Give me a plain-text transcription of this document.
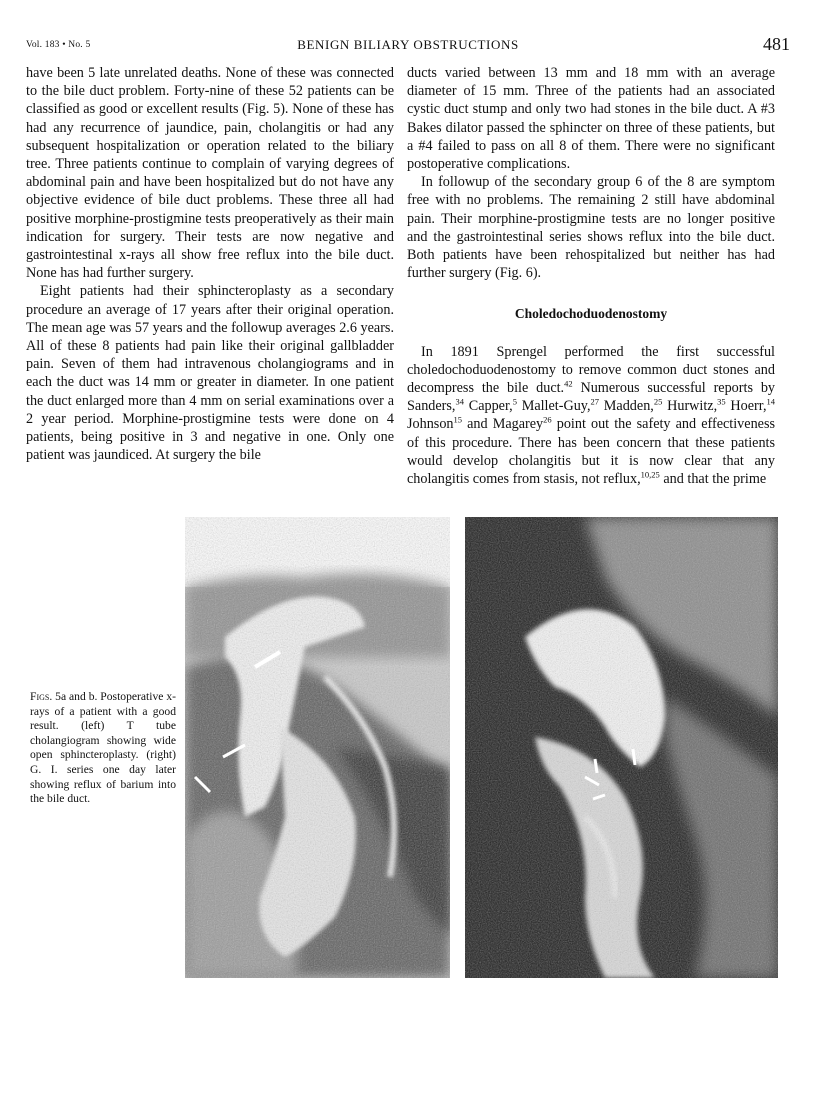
Vol. 183 • No. 5	BENIGN BILIARY OBSTRUCTIONS	481

have been 5 late unrelated deaths. None of these was connected to the bile duct problem. Forty-nine of these 52 patients can be classified as good or excellent results (Fig. 5). None of these has had any recurrence of jaundice, pain, cholangitis or had any subsequent hospitalization or operation related to the biliary tree. Three patients continue to complain of varying degrees of abdominal pain and have been hospitalized but do not have any objective evidence of bile duct problems. These three all had positive morphine-prostigmine tests preoperatively as their main indication for surgery. Their tests are now negative and gastrointestinal x-rays all show free reflux into the bile duct. None has had further surgery.

Eight patients had their sphincteroplasty as a secondary procedure an average of 17 years after their original operation. The mean age was 57 years and the followup averages 2.6 years. All of these 8 patients had pain like their original gallbladder pain. Seven of them had intravenous cholangiograms and in each the duct was 14 mm or greater in diameter. In one patient the duct enlarged more than 4 mm on serial examinations over a 2 year period. Morphine-prostigmine tests were done on 4 patients, being positive in 3 and negative in one. Only one patient was jaundiced. At surgery the bile

ducts varied between 13 mm and 18 mm with an average diameter of 15 mm. Three of the patients had an associated cystic duct stump and only two had stones in the bile duct. A #3 Bakes dilator passed the sphincter on three of these patients, but a #4 failed to pass on all 8 of them. There were no significant postoperative complications.

In followup of the secondary group 6 of the 8 are symptom free with no problems. The remaining 2 still have abdominal pain. Their morphine-prostigmine tests are no longer positive and the gastrointestinal series shows reflux into the bile duct. Both patients have been rehospitalized but neither has had further surgery (Fig. 6).

Choledochoduodenostomy

In 1891 Sprengel performed the first successful choledochoduodenostomy to remove common duct stones and decompress the bile duct.$^{42}$ Numerous successful reports by Sanders,$^{34}$ Capper,$^5$ Mallet-Guy,$^{27}$ Madden,$^{25}$ Hurwitz,$^{35}$ Hoerr,$^{14}$ Johnson$^{15}$ and Magarey$^{26}$ point out the safety and effectiveness of this procedure. There has been concern that these patients would develop cholangitis but it is now clear that any cholangitis comes from stasis, not reflux,$^{10,25}$ and that the prime

Figs. 5a and b. Postoperative x-rays of a patient with a good result. (left) T tube cholangiogram showing wide open sphincteroplasty. (right) G. I. series one day later showing reflux of barium into the bile duct.
